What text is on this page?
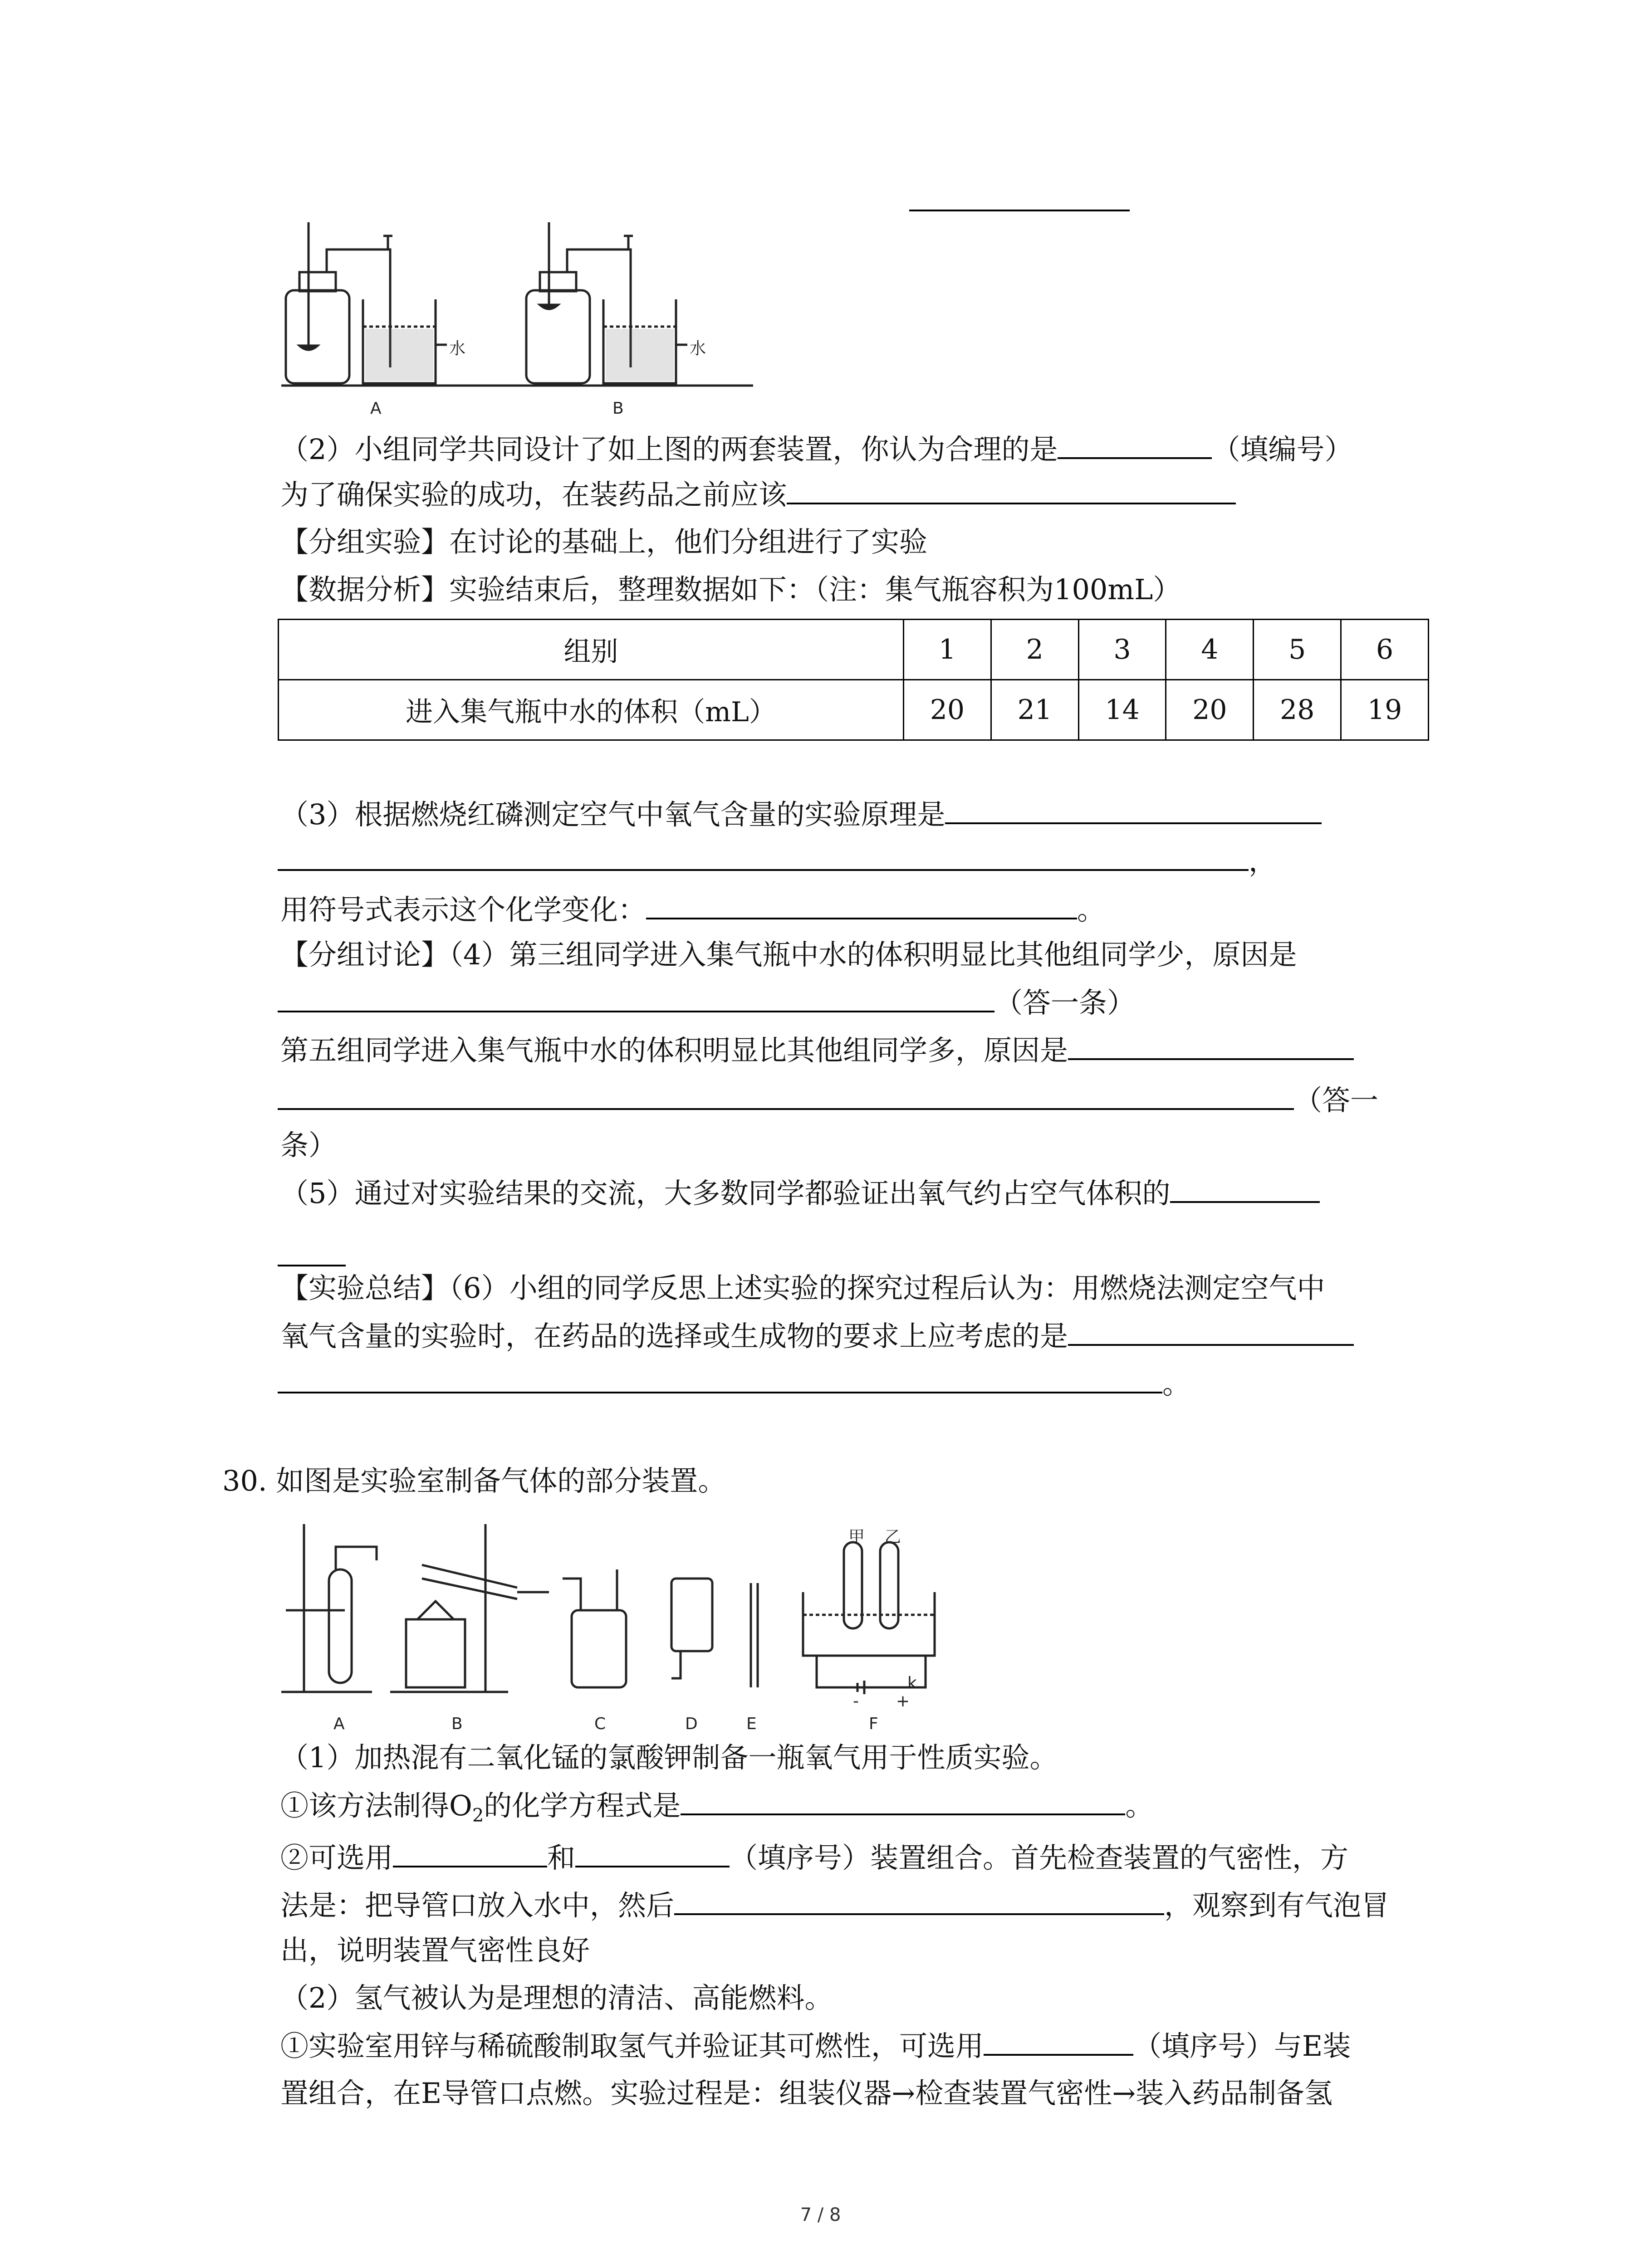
A	B
水	水
（2）小组同学共同设计了如上图的两套装置，你认为合理的是	（填编号）
为了确保实验的成功，在装药品之前应该
【分组实验】在讨论的基础上，他们分组进行了实验
【数据分析】实验结束后，整理数据如下：（注：集气瓶容积为100mL）
组别	1	2	3	4	5	6
进入集气瓶中水的体积（mL）	20	21	14	20	28	19
（3）根据燃烧红磷测定空气中氧气含量的实验原理是
，
用符号式表示这个化学变化：	。
【分组讨论】（4）第三组同学进入集气瓶中水的体积明显比其他组同学少，原因是
（答一条）
第五组同学进入集气瓶中水的体积明显比其他组同学多，原因是
（答一
条）
（5）通过对实验结果的交流，大多数同学都验证出氧气约占空气体积的
【实验总结】（6）小组的同学反思上述实验的探究过程后认为：用燃烧法测定空气中
氧气含量的实验时，在药品的选择或生成物的要求上应考虑的是
。
30. 如图是实验室制备气体的部分装置。
A	B	C	D	E	F
甲 乙
k
- +
（1）加热混有二氧化锰的氯酸钾制备一瓶氧气用于性质实验。
①该方法制得$O_2$的化学方程式是	。
②可选用	和	（填序号）装置组合。首先检查装置的气密性，方
法是：把导管口放入水中，然后	，观察到有气泡冒
出，说明装置气密性良好
（2）氢气被认为是理想的清洁、高能燃料。
①实验室用锌与稀硫酸制取氢气并验证其可燃性，可选用	（填序号）与E装
置组合，在E导管口点燃。实验过程是：组装仪器→检查装置气密性→装入药品制备氢
7 / 8
